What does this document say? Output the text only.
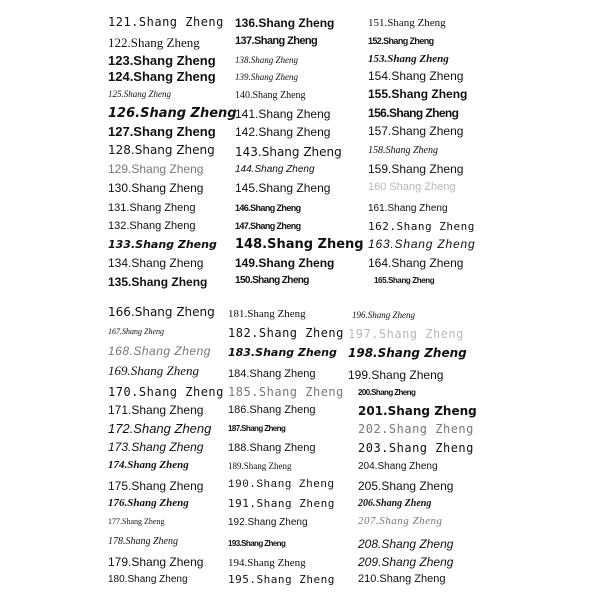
121.Shang Zheng
122.Shang Zheng
123.Shang Zheng
124.Shang Zheng
125.Shang Zheng
126.Shang Zheng
127.Shang Zheng
128.Shang Zheng
129.Shang Zheng
130.Shang Zheng
131.Shang Zheng
132.Shang Zheng
133.Shang Zheng
134.Shang Zheng
135.Shang Zheng
136.Shang Zheng
137.Shang Zheng
138.Shang Zheng
139.Shang Zheng
140.Shang Zheng
141.Shang Zheng
142.Shang Zheng
143.Shang Zheng
144.Shang Zheng
145.Shang Zheng
146.Shang Zheng
147.Shang Zheng
148.Shang Zheng
149.Shang Zheng
150.Shang Zheng
151.Shang Zheng
152.Shang Zheng
153.Shang Zheng
154.Shang Zheng
155.Shang Zheng
156.Shang Zheng
157.Shang Zheng
158.Shang Zheng
159.Shang Zheng
160 Shang Zheng
161.Shang Zheng
162.Shang Zheng
163.Shang Zheng
164.Shang Zheng
165.Shang Zheng
166.Shang Zheng
167.Shang Zheng
168.Shang Zheng
169.Shang Zheng
170.Shang Zheng
171.Shang Zheng
172.Shang Zheng
173.Shang Zheng
174.Shang Zheng
175.Shang Zheng
176.Shang Zheng
177.Shang Zheng
178.Shang Zheng
179.Shang Zheng
180.Shang Zheng
181.Shang Zheng
182.Shang Zheng
183.Shang Zheng
184.Shang Zheng
185.Shang Zheng
186.Shang Zheng
187.Shang Zheng
188.Shang Zheng
189.Shang Zheng
190.Shang Zheng
191.Shang Zheng
192.Shang Zheng
193.Shang Zheng
194.Shang Zheng
195.Shang Zheng
196.Shang Zheng
197.Shang Zheng
198.Shang Zheng
199.Shang Zheng
200.Shang Zheng
201.Shang Zheng
202.Shang Zheng
203.Shang Zheng
204.Shang Zheng
205.Shang Zheng
206.Shang Zheng
207.Shang Zheng
208.Shang Zheng
209.Shang Zheng
210.Shang Zheng
